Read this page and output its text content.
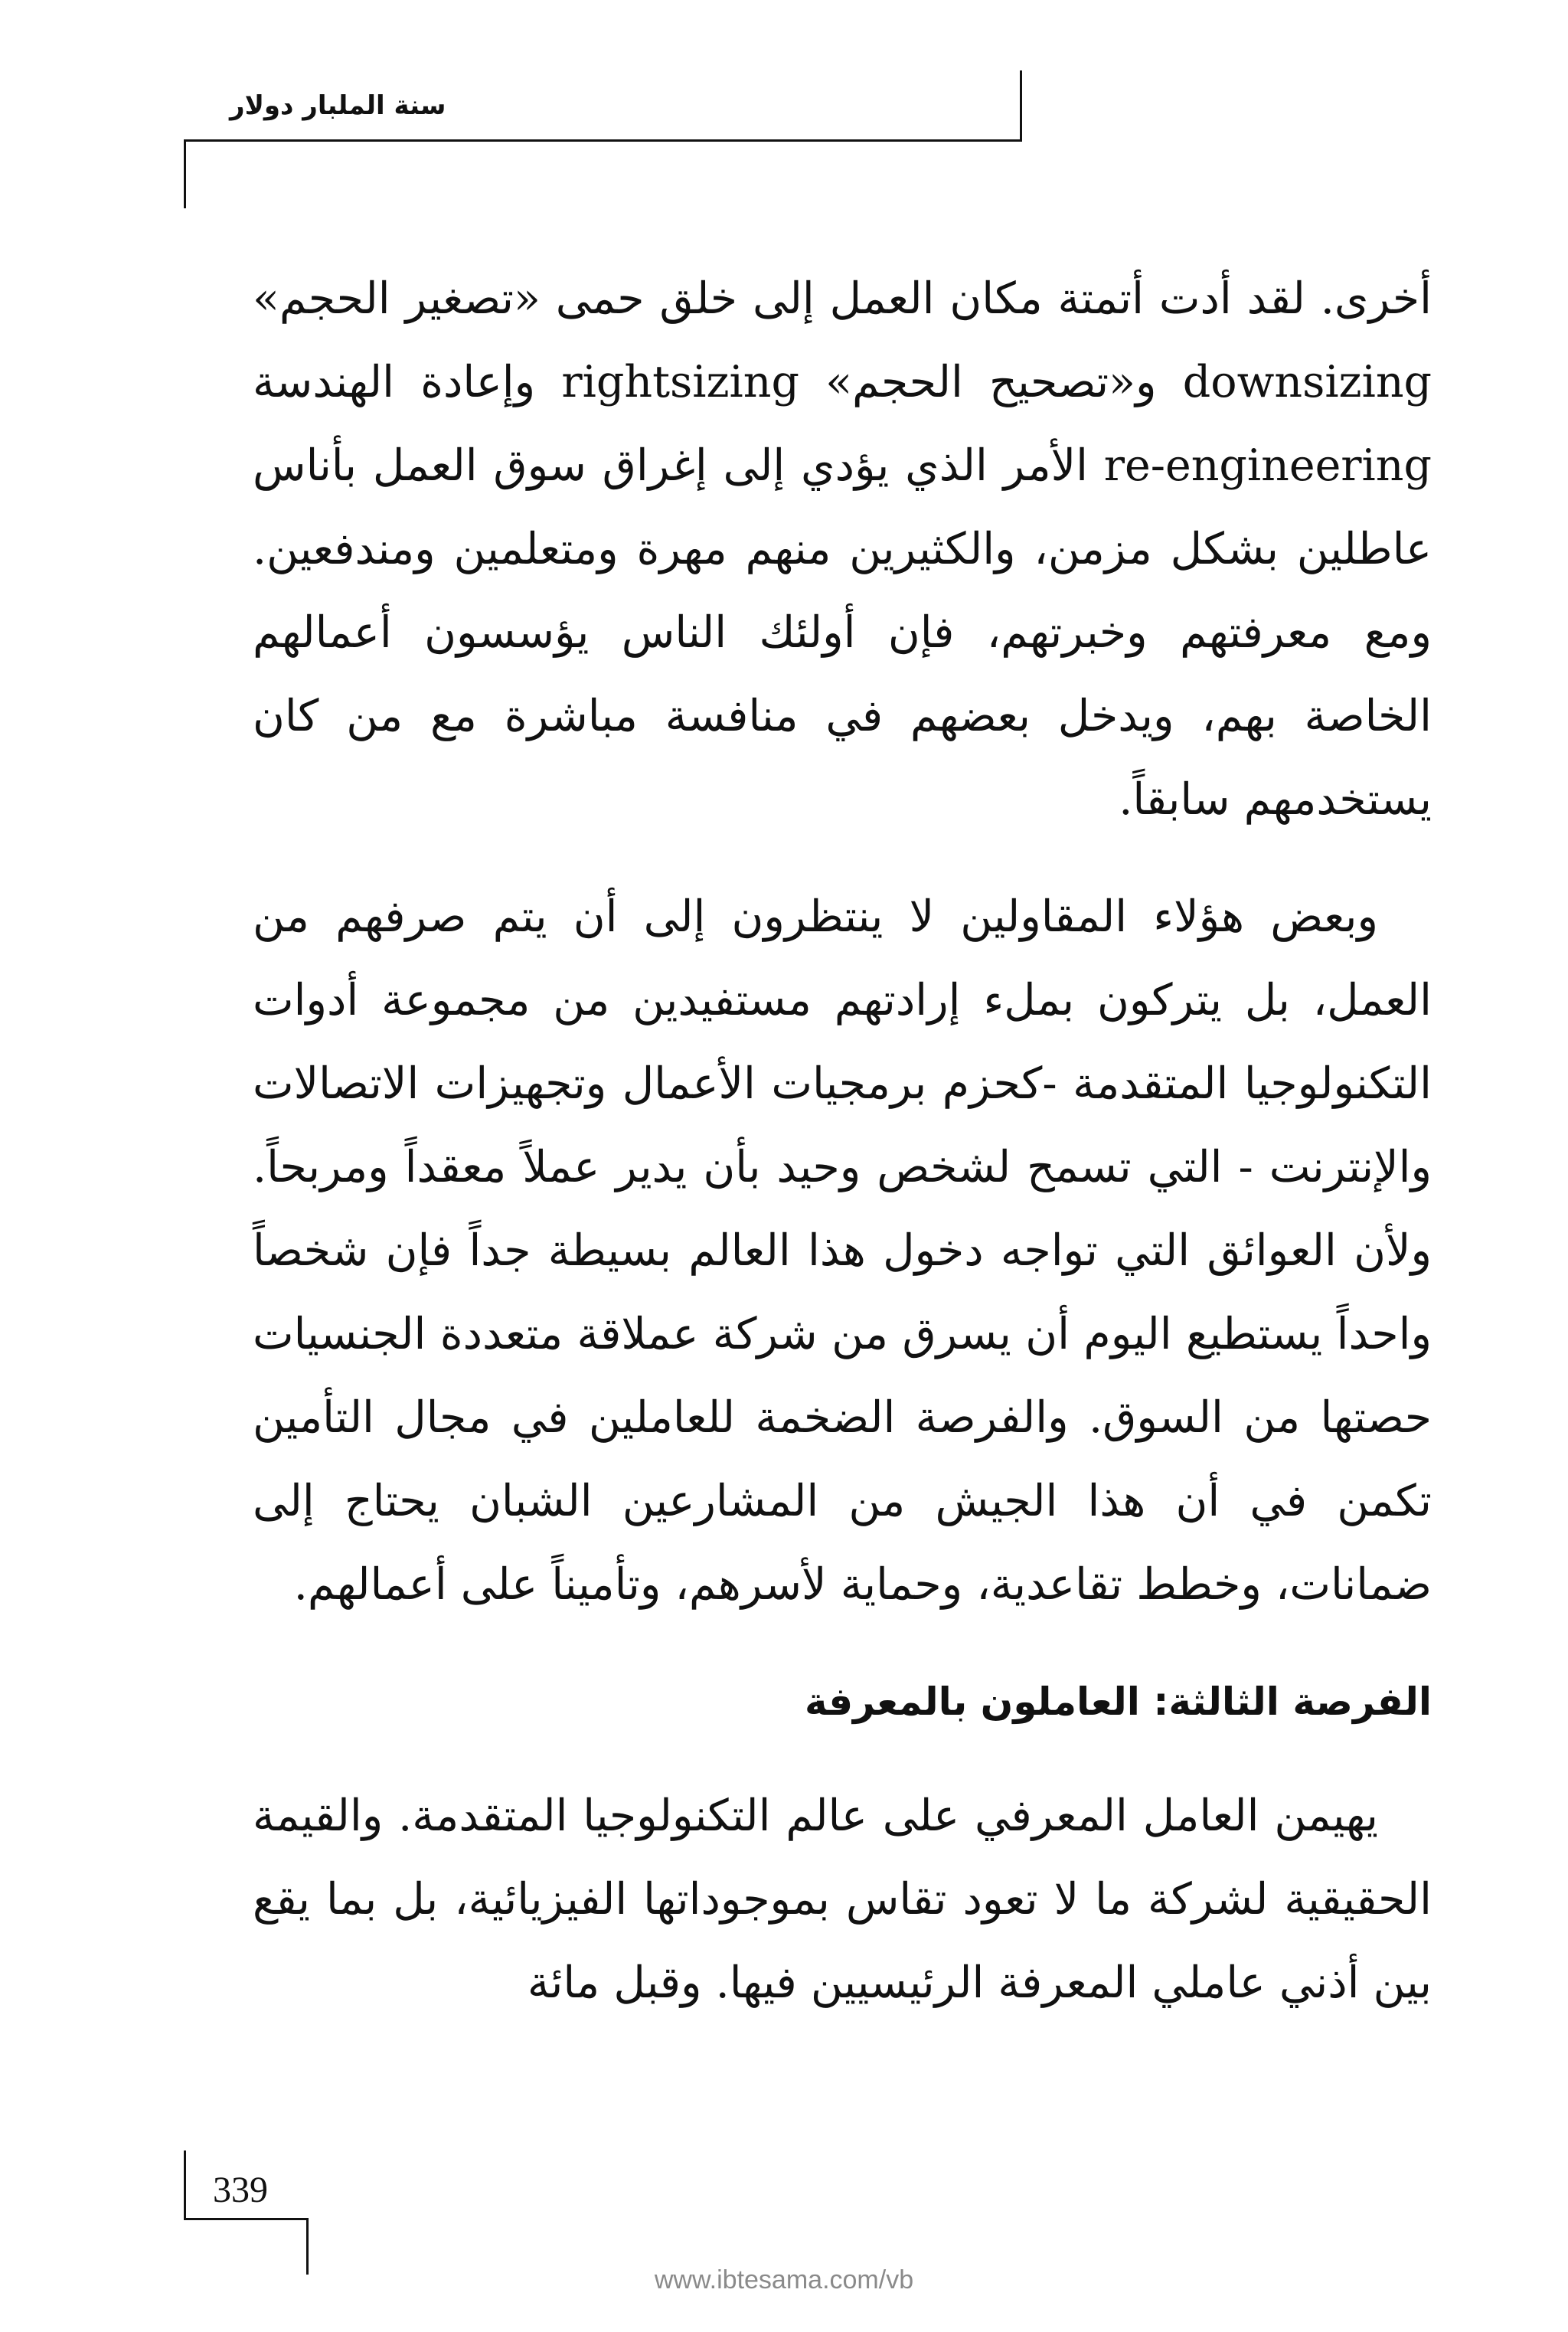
سنة الملبار دولار

أخرى. لقد أدت أتمتة مكان العمل إلى خلق حمى «تصغير الحجم» downsizing و«تصحيح الحجم» rightsizing وإعادة الهندسة re-engineering الأمر الذي يؤدي إلى إغراق سوق العمل بأناس عاطلين بشكل مزمن، والكثيرين منهم مهرة ومتعلمين ومندفعين. ومع معرفتهم وخبرتهم، فإن أولئك الناس يؤسسون أعمالهم الخاصة بهم، ويدخل بعضهم في منافسة مباشرة مع من كان يستخدمهم سابقاً.

وبعض هؤلاء المقاولين لا ينتظرون إلى أن يتم صرفهم من العمل، بل يتركون بملء إرادتهم مستفيدين من مجموعة أدوات التكنولوجيا المتقدمة -كحزم برمجيات الأعمال وتجهيزات الاتصالات والإنترنت - التي تسمح لشخص وحيد بأن يدير عملاً معقداً ومربحاً. ولأن العوائق التي تواجه دخول هذا العالم بسيطة جداً فإن شخصاً واحداً يستطيع اليوم أن يسرق من شركة عملاقة متعددة الجنسيات حصتها من السوق. والفرصة الضخمة للعاملين في مجال التأمين تكمن في أن هذا الجيش من المشارعين الشبان يحتاج إلى ضمانات، وخطط تقاعدية، وحماية لأسرهم، وتأميناً على أعمالهم.

الفرصة الثالثة: العاملون بالمعرفة

يهيمن العامل المعرفي على عالم التكنولوجيا المتقدمة. والقيمة الحقيقية لشركة ما لا تعود تقاس بموجوداتها الفيزيائية، بل بما يقع بين أذني عاملي المعرفة الرئيسيين فيها. وقبل مائة

339
www.ibtesama.com/vb
